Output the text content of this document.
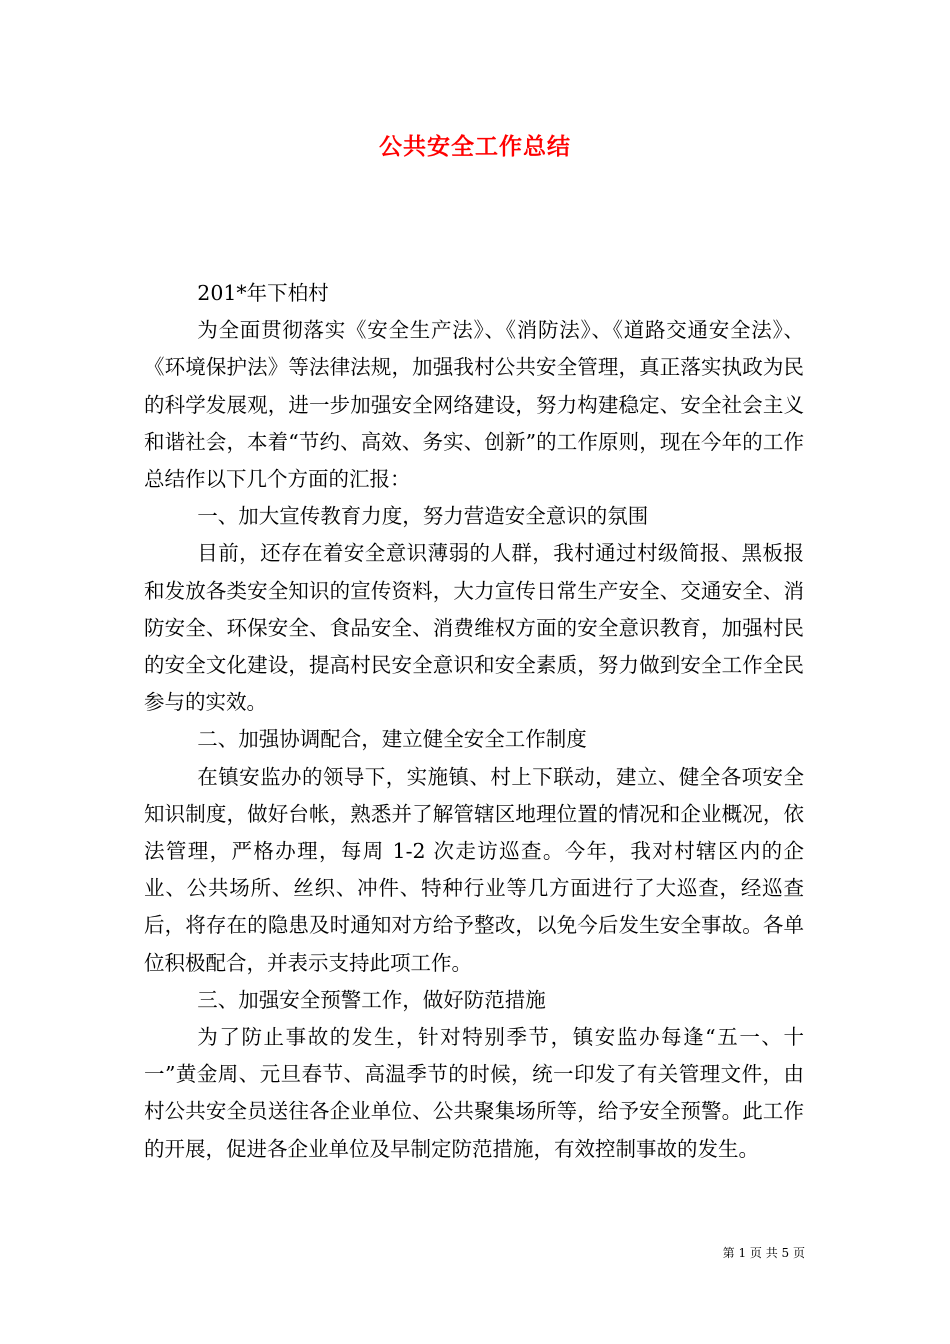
公共安全工作总结

201*年下柏村

为全面贯彻落实《安全生产法》、《消防法》、《道路交通安全法》、《环境保护法》等法律法规，加强我村公共安全管理，真正落实执政为民的科学发展观，进一步加强安全网络建设，努力构建稳定、安全社会主义和谐社会，本着“节约、高效、务实、创新”的工作原则，现在今年的工作总结作以下几个方面的汇报：

一、加大宣传教育力度，努力营造安全意识的氛围

目前，还存在着安全意识薄弱的人群，我村通过村级简报、黑板报和发放各类安全知识的宣传资料，大力宣传日常生产安全、交通安全、消防安全、环保安全、食品安全、消费维权方面的安全意识教育，加强村民的安全文化建设，提高村民安全意识和安全素质，努力做到安全工作全民参与的实效。

二、加强协调配合，建立健全安全工作制度

在镇安监办的领导下，实施镇、村上下联动，建立、健全各项安全知识制度，做好台帐，熟悉并了解管辖区地理位置的情况和企业概况，依法管理，严格办理，每周 1-2 次走访巡查。今年，我对村辖区内的企业、公共场所、丝织、冲件、特种行业等几方面进行了大巡查，经巡查后，将存在的隐患及时通知对方给予整改，以免今后发生安全事故。各单位积极配合，并表示支持此项工作。

三、加强安全预警工作，做好防范措施

为了防止事故的发生，针对特别季节，镇安监办每逢“五一、十一”黄金周、元旦春节、高温季节的时候，统一印发了有关管理文件，由村公共安全员送往各企业单位、公共聚集场所等，给予安全预警。此工作的开展，促进各企业单位及早制定防范措施，有效控制事故的发生。

第 1 页 共 5 页
